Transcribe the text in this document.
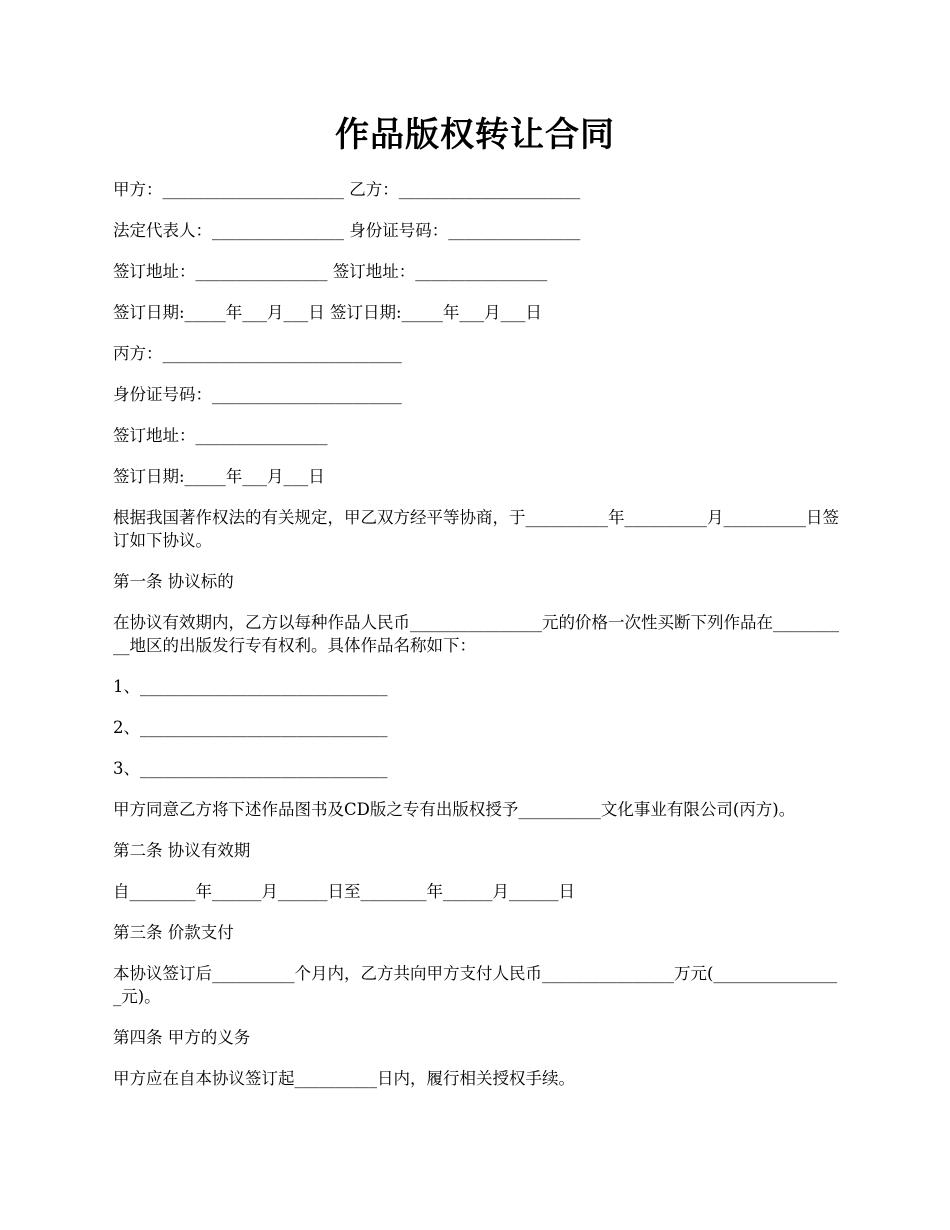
作品版权转让合同

甲方：______________________ 乙方：______________________

法定代表人：________________ 身份证号码：________________

签订地址：________________ 签订地址：________________

签订日期:_____年___月___日 签订日期:_____年___月___日

丙方：_____________________________

身份证号码：_______________________

签订地址：________________

签订日期:_____年___月___日

根据我国著作权法的有关规定，甲乙双方经平等协商，于__________年__________月__________日签订如下协议。

第一条 协议标的

在协议有效期内，乙方以每种作品人民币________________元的价格一次性买断下列作品在__________地区的出版发行专有权利。具体作品名称如下：

1、______________________________

2、______________________________

3、______________________________

甲方同意乙方将下述作品图书及CD版之专有出版权授予__________文化事业有限公司(丙方)。

第二条 协议有效期

自________年______月______日至________年______月______日

第三条 价款支付

本协议签订后__________个月内，乙方共向甲方支付人民币________________万元(________________元)。

第四条 甲方的义务

甲方应在自本协议签订起__________日内，履行相关授权手续。
